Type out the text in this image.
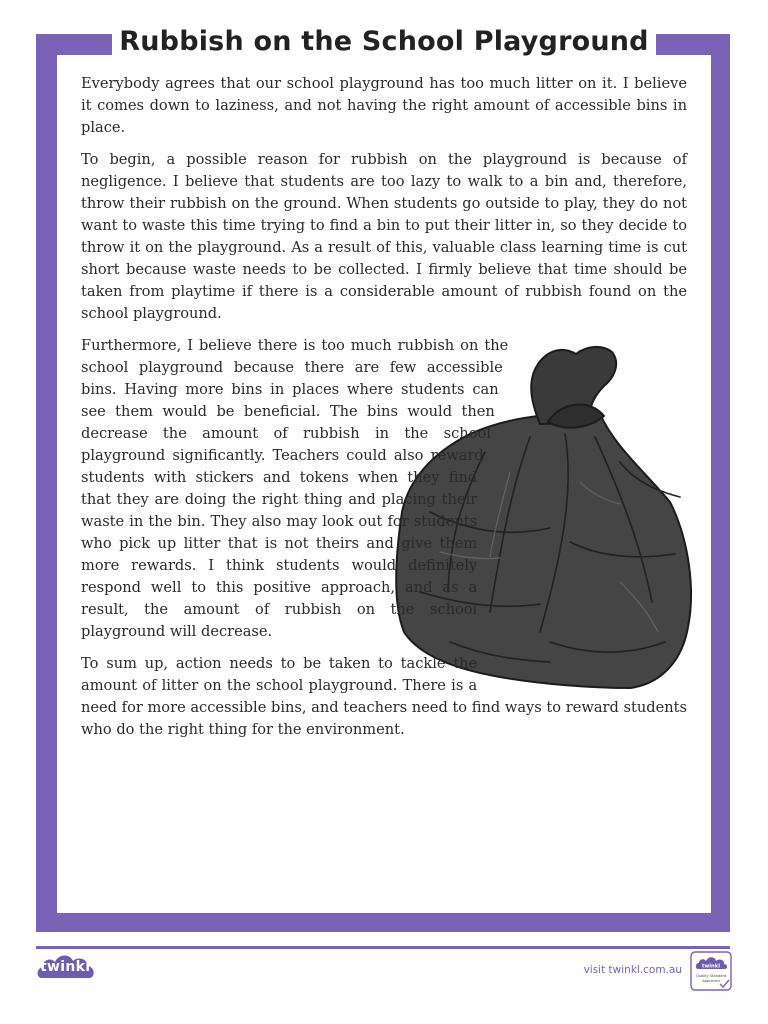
Rubbish on the School Playground

Everybody agrees that our school playground has too much litter on it. I believe it comes down to laziness, and not having the right amount of accessible bins in place.

To begin, a possible reason for rubbish on the playground is because of negligence. I believe that students are too lazy to walk to a bin and, therefore, throw their rubbish on the ground. When students go outside to play, they do not want to waste this time trying to find a bin to put their litter in, so they decide to throw it on the playground. As a result of this, valuable class learning time is cut short because waste needs to be collected. I firmly believe that time should be taken from playtime if there is a considerable amount of rubbish found on the school playground.

Furthermore, I believe there is too much rubbish on the school playground because there are few accessible bins. Having more bins in places where students can see them would be beneficial. The bins would then decrease the amount of rubbish in the school playground significantly. Teachers could also reward students with stickers and tokens when they find that they are doing the right thing and placing their waste in the bin. They also may look out for students who pick up litter that is not theirs and give them more rewards. I think students would definitely respond well to this positive approach, and as a result, the amount of rubbish on the school playground will decrease.

To sum up, action needs to be taken to tackle the amount of litter on the school playground. There is a need for more accessible bins, and teachers need to find ways to reward students who do the right thing for the environment.

twinkl	visit twinkl.com.au	twinkl
Quality Standard
Approved
